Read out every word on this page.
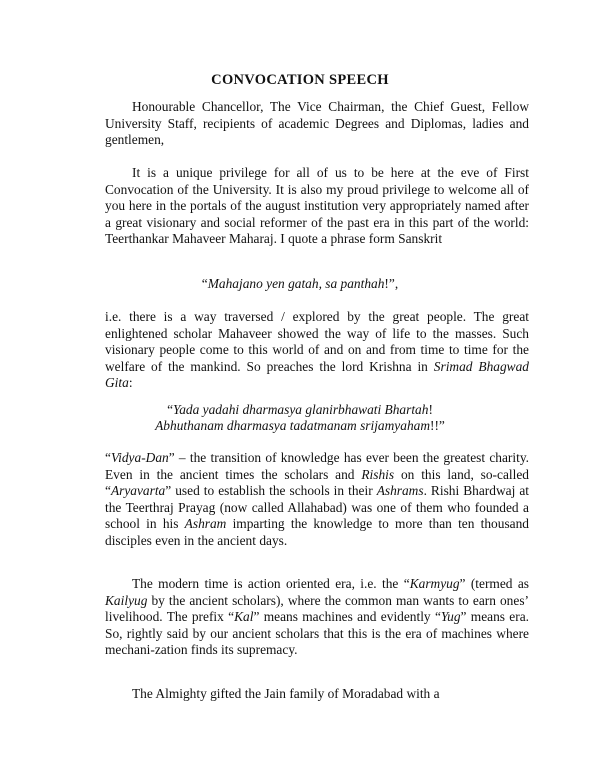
CONVOCATION SPEECH

Honourable Chancellor, The Vice Chairman, the Chief Guest, Fellow University Staff, recipients of academic Degrees and Diplomas, ladies and gentlemen,

It is a unique privilege for all of us to be here at the eve of First Convocation of the University. It is also my proud privilege to welcome all of you here in the portals of the august institution very appropriately named after a great visionary and social reformer of the past era in this part of the world: Teerthankar Mahaveer Maharaj. I quote a phrase form Sanskrit

“Mahajano yen gatah, sa panthah!”,

i.e. there is a way traversed / explored by the great people. The great enlightened scholar Mahaveer showed the way of life to the masses. Such visionary people come to this world of and on and from time to time for the welfare of the mankind. So preaches the lord Krishna in Srimad Bhagwad Gita:

“Yada yadahi dharmasya glanirbhawati Bhartah!

Abhuthanam dharmasya tadatmanam srijamyaham!!”

“Vidya-Dan” – the transition of knowledge has ever been the greatest charity. Even in the ancient times the scholars and Rishis on this land, so-called “Aryavarta” used to establish the schools in their Ashrams. Rishi Bhardwaj at the Teerthraj Prayag (now called Allahabad) was one of them who founded a school in his Ashram imparting the knowledge to more than ten thousand disciples even in the ancient days.

The modern time is action oriented era, i.e. the “Karmyug” (termed as Kailyug by the ancient scholars), where the common man wants to earn ones’ livelihood. The prefix “Kal” means machines and evidently “Yug” means era. So, rightly said by our ancient scholars that this is the era of machines where mechani-zation finds its supremacy.

The Almighty gifted the Jain family of Moradabad with a
